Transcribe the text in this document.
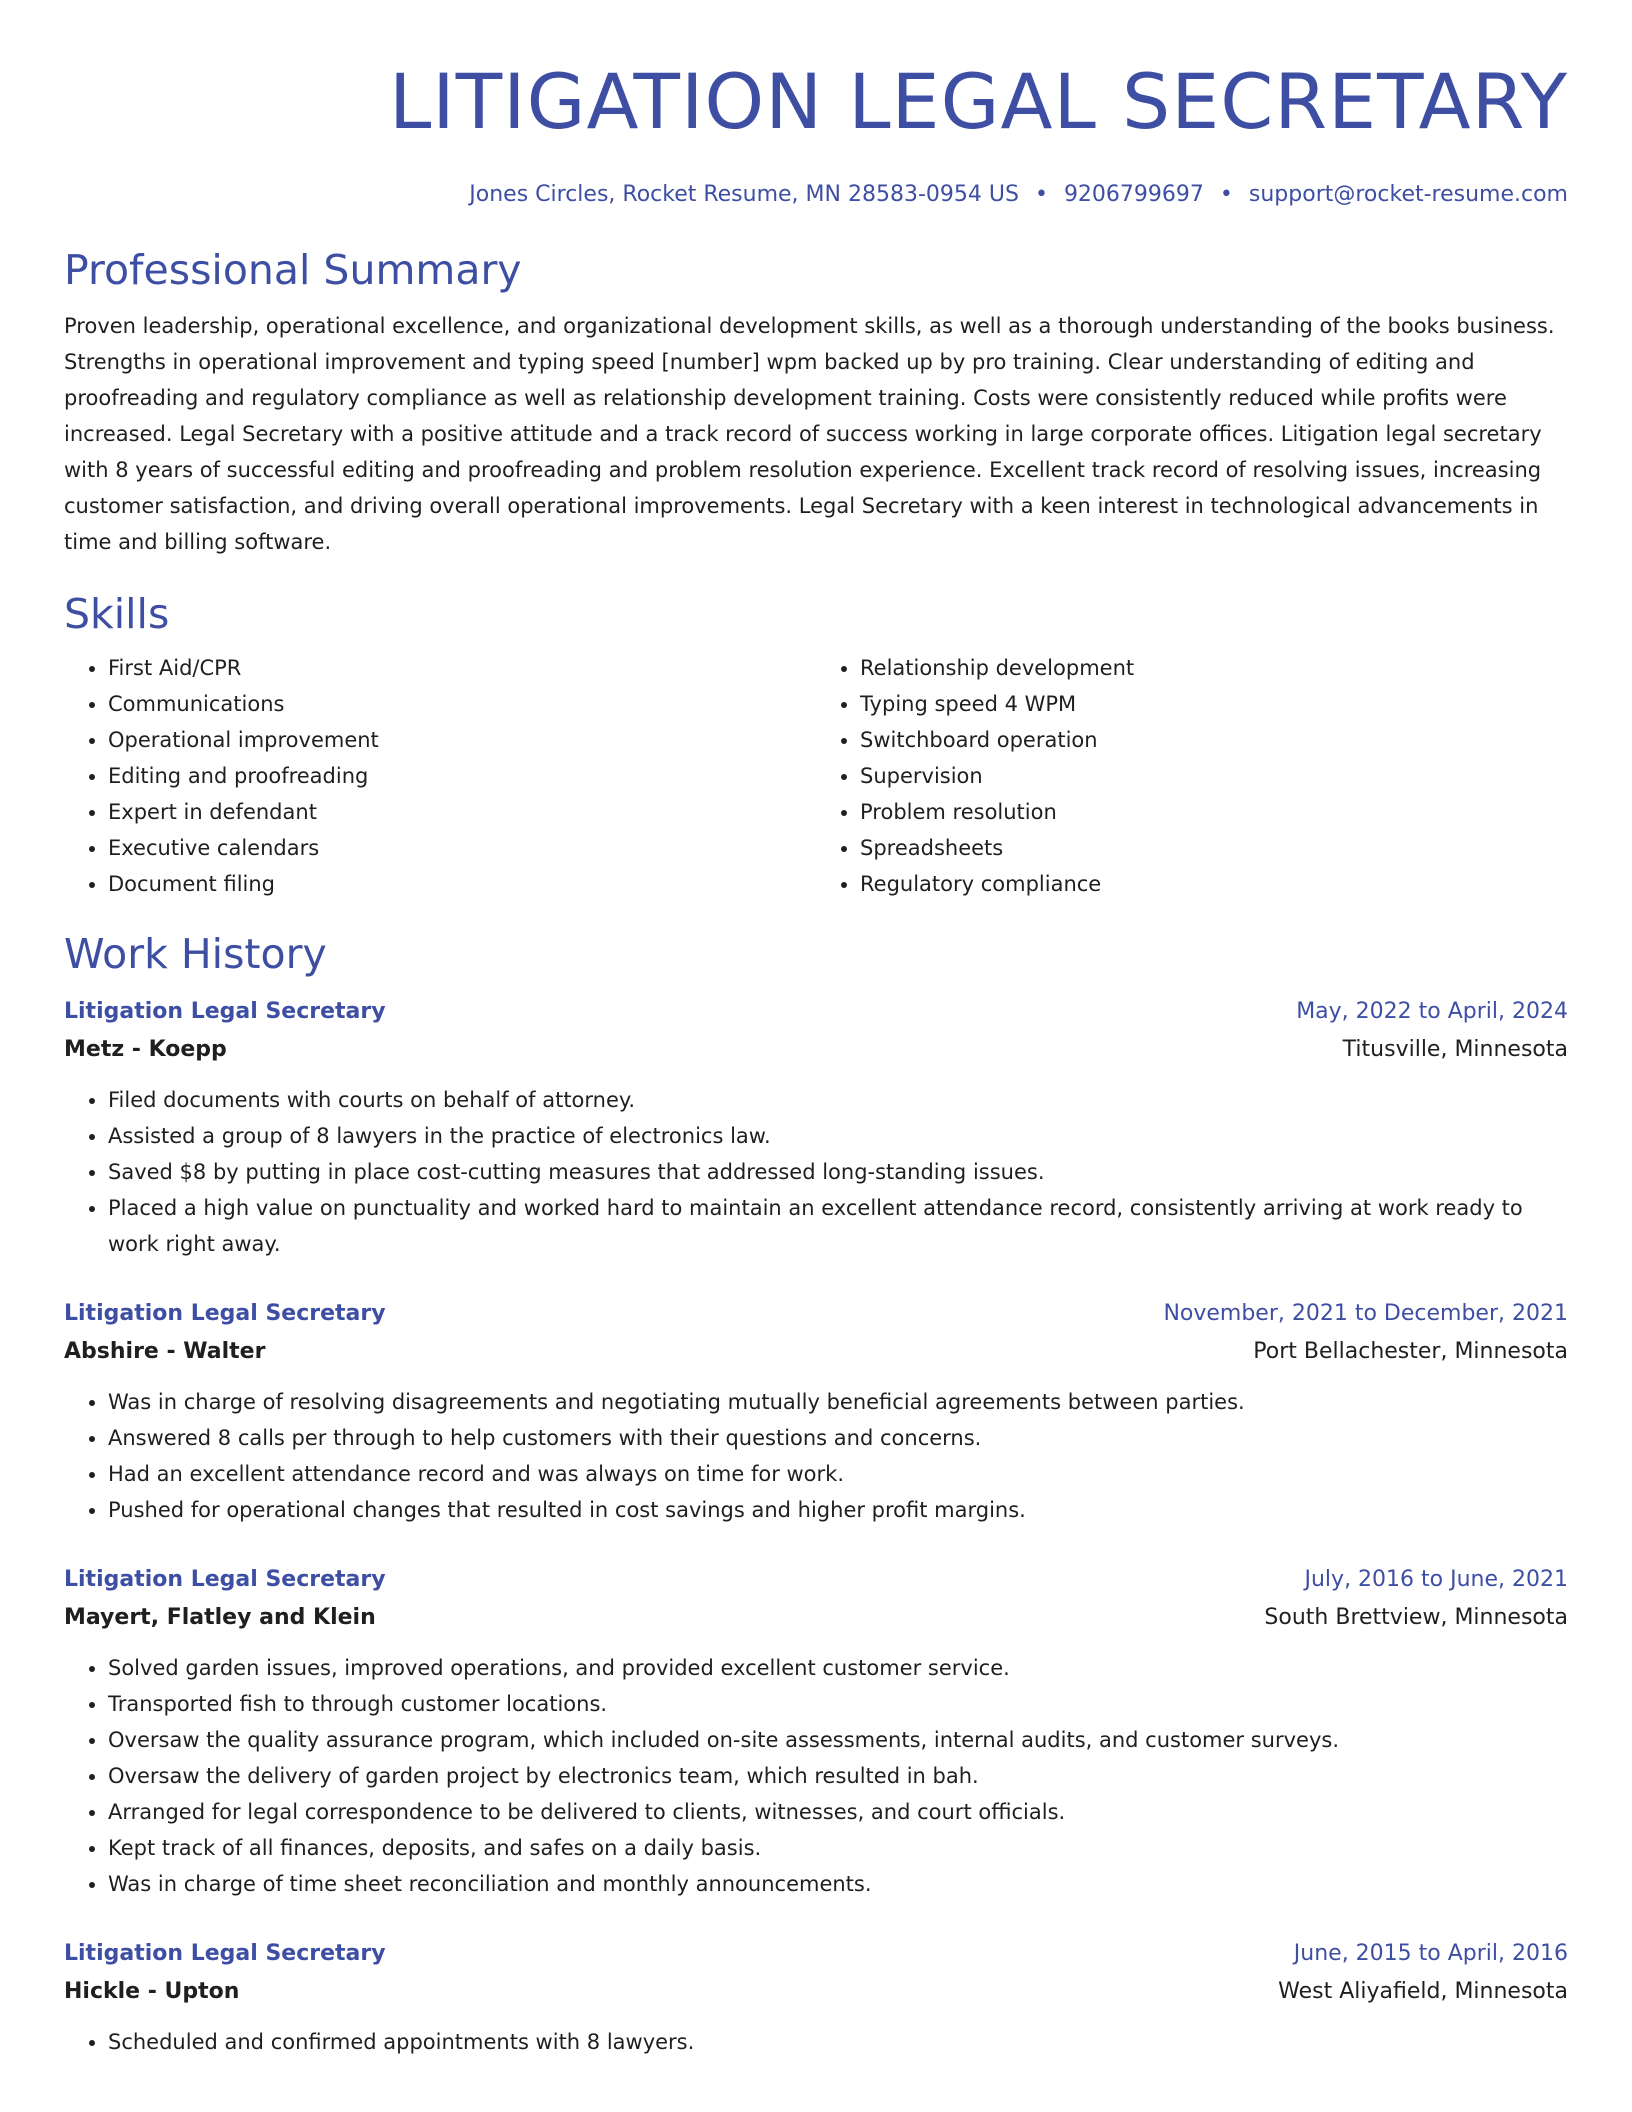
LITIGATION LEGAL SECRETARY
Jones Circles, Rocket Resume, MN 28583-0954 US • 9206799697 • support@rocket-resume.com
Professional Summary
Proven leadership, operational excellence, and organizational development skills, as well as a thorough understanding of the books business. Strengths in operational improvement and typing speed [number] wpm backed up by pro training. Clear understanding of editing and proofreading and regulatory compliance as well as relationship development training. Costs were consistently reduced while profits were increased. Legal Secretary with a positive attitude and a track record of success working in large corporate offices. Litigation legal secretary with 8 years of successful editing and proofreading and problem resolution experience. Excellent track record of resolving issues, increasing customer satisfaction, and driving overall operational improvements. Legal Secretary with a keen interest in technological advancements in time and billing software.
Skills
• First Aid/CPR
• Communications
• Operational improvement
• Editing and proofreading
• Expert in defendant
• Executive calendars
• Document filing
• Relationship development
• Typing speed 4 WPM
• Switchboard operation
• Supervision
• Problem resolution
• Spreadsheets
• Regulatory compliance
Work History
Litigation Legal Secretary	May, 2022 to April, 2024
Metz - Koepp	Titusville, Minnesota
• Filed documents with courts on behalf of attorney.
• Assisted a group of 8 lawyers in the practice of electronics law.
• Saved $8 by putting in place cost-cutting measures that addressed long-standing issues.
• Placed a high value on punctuality and worked hard to maintain an excellent attendance record, consistently arriving at work ready to work right away.
Litigation Legal Secretary	November, 2021 to December, 2021
Abshire - Walter	Port Bellachester, Minnesota
• Was in charge of resolving disagreements and negotiating mutually beneficial agreements between parties.
• Answered 8 calls per through to help customers with their questions and concerns.
• Had an excellent attendance record and was always on time for work.
• Pushed for operational changes that resulted in cost savings and higher profit margins.
Litigation Legal Secretary	July, 2016 to June, 2021
Mayert, Flatley and Klein	South Brettview, Minnesota
• Solved garden issues, improved operations, and provided excellent customer service.
• Transported fish to through customer locations.
• Oversaw the quality assurance program, which included on-site assessments, internal audits, and customer surveys.
• Oversaw the delivery of garden project by electronics team, which resulted in bah.
• Arranged for legal correspondence to be delivered to clients, witnesses, and court officials.
• Kept track of all finances, deposits, and safes on a daily basis.
• Was in charge of time sheet reconciliation and monthly announcements.
Litigation Legal Secretary	June, 2015 to April, 2016
Hickle - Upton	West Aliyafield, Minnesota
• Scheduled and confirmed appointments with 8 lawyers.
